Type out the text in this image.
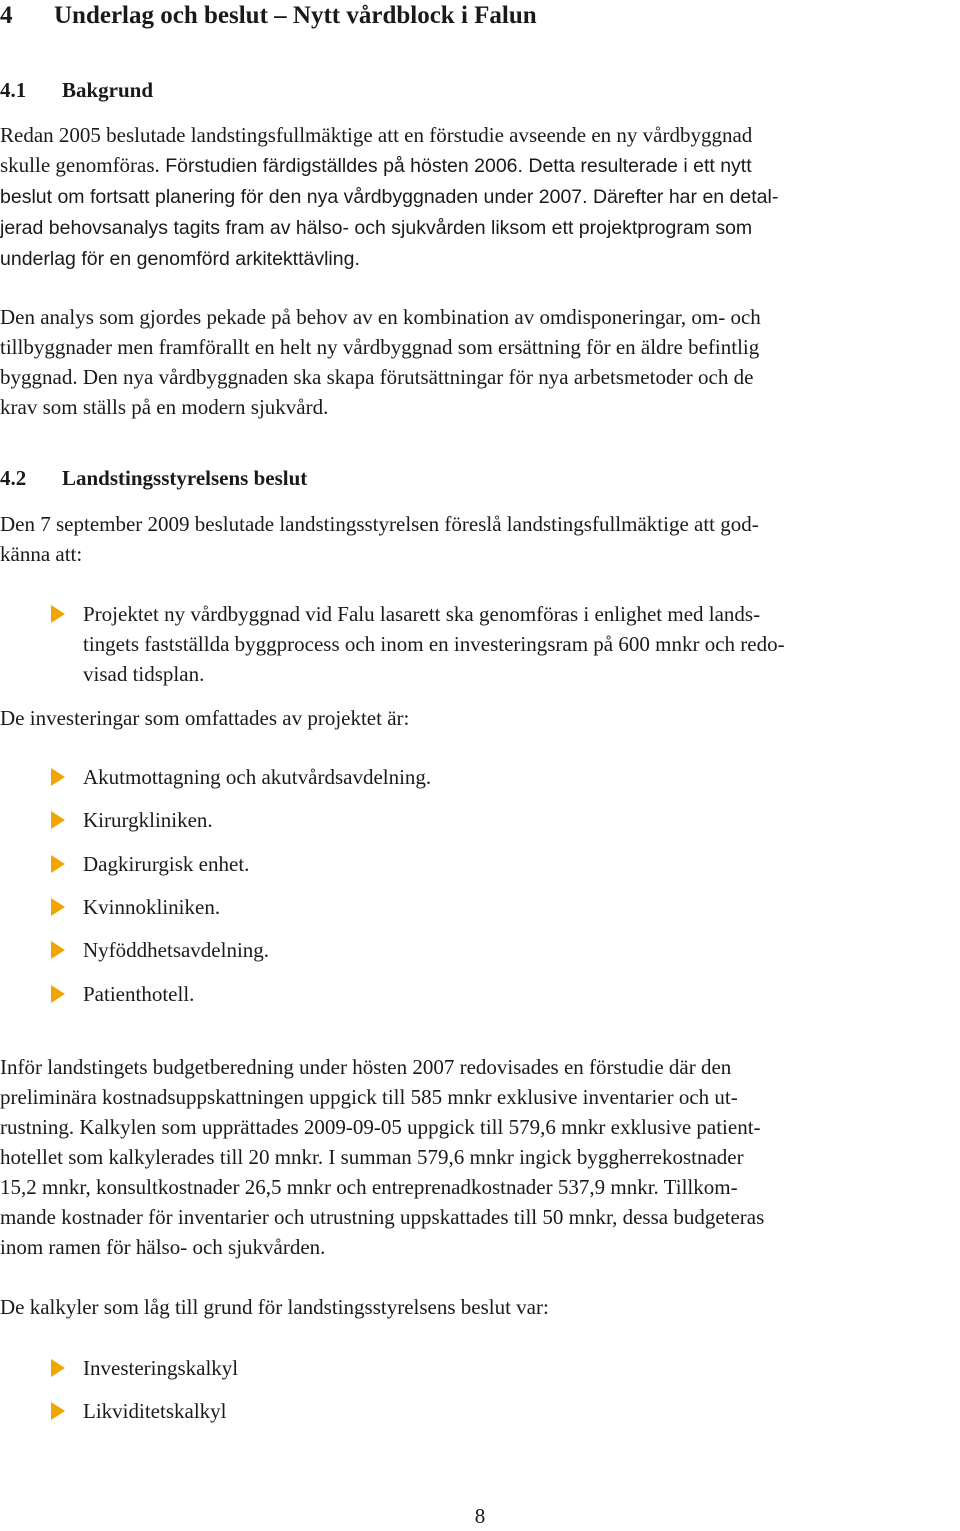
4 Underlag och beslut – Nytt vårdblock i Falun
4.1 Bakgrund
Redan 2005 beslutade landstingsfullmäktige att en förstudie avseende en ny vårdbyggnad
skulle genomföras. Förstudien färdigställdes på hösten 2006. Detta resulterade i ett nytt
beslut om fortsatt planering för den nya vårdbyggnaden under 2007. Därefter har en detal-
jerad behovsanalys tagits fram av hälso- och sjukvården liksom ett projektprogram som
underlag för en genomförd arkitekttävling.
Den analys som gjordes pekade på behov av en kombination av omdisponeringar, om- och
tillbyggnader men framförallt en helt ny vårdbyggnad som ersättning för en äldre befintlig
byggnad. Den nya vårdbyggnaden ska skapa förutsättningar för nya arbetsmetoder och de
krav som ställs på en modern sjukvård.
4.2 Landstingsstyrelsens beslut
Den 7 september 2009 beslutade landstingsstyrelsen föreslå landstingsfullmäktige att god-
känna att:

Projektet ny vårdbyggnad vid Falu lasarett ska genomföras i enlighet med lands-
tingets fastställda byggprocess och inom en investeringsram på 600 mnkr och redo-
visad tidsplan.

De investeringar som omfattades av projektet är:

Akutmottagning och akutvårdsavdelning.

Kirurgkliniken.

Dagkirurgisk enhet.

Kvinnokliniken.

Nyföddhetsavdelning.

Patienthotell.

Inför landstingets budgetberedning under hösten 2007 redovisades en förstudie där den
preliminära kostnadsuppskattningen uppgick till 585 mnkr exklusive inventarier och ut-
rustning. Kalkylen som upprättades 2009-09-05 uppgick till 579,6 mnkr exklusive patient-
hotellet som kalkylerades till 20 mnkr. I summan 579,6 mnkr ingick byggherrekostnader
15,2 mnkr, konsultkostnader 26,5 mnkr och entreprenadkostnader 537,9 mnkr. Tillkom-
mande kostnader för inventarier och utrustning uppskattades till 50 mnkr, dessa budgeteras
inom ramen för hälso- och sjukvården.
De kalkyler som låg till grund för landstingsstyrelsens beslut var:

Investeringskalkyl

Likviditetskalkyl

8
